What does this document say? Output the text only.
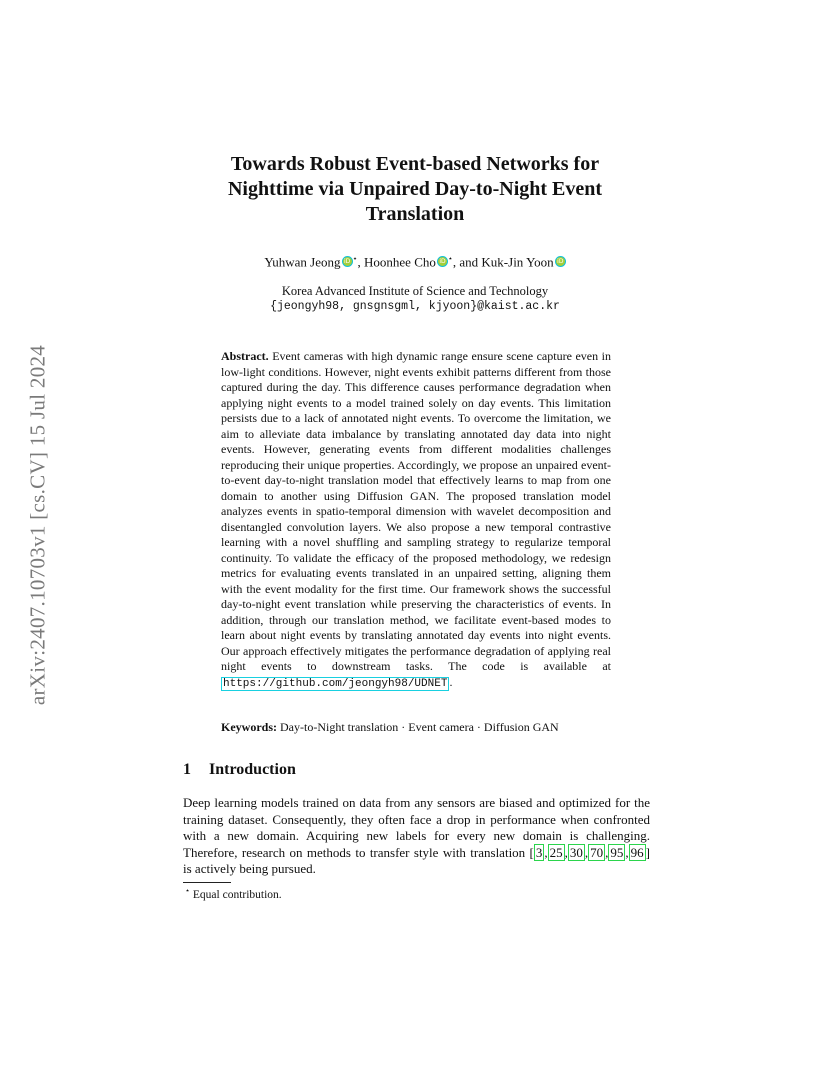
arXiv:2407.10703v1 [cs.CV] 15 Jul 2024
Towards Robust Event-based Networks for
Nighttime via Unpaired Day-to-Night Event
Translation
Yuhwan Jeong iD ⋆, Hoonhee Cho iD ⋆, and Kuk-Jin Yoon iD
Korea Advanced Institute of Science and Technology
{jeongyh98, gnsgnsgml, kjyoon}@kaist.ac.kr
Abstract. Event cameras with high dynamic range ensure scene capture even in low-light conditions. However, night events exhibit patterns different from those captured during the day. This difference causes performance degradation when applying night events to a model trained solely on day events. This limitation persists due to a lack of annotated night events. To overcome the limitation, we aim to alleviate data imbalance by translating annotated day data into night events. However, generating events from different modalities challenges reproducing their unique properties. Accordingly, we propose an unpaired event-to-event day-to-night translation model that effectively learns to map from one domain to another using Diffusion GAN. The proposed translation model analyzes events in spatio-temporal dimension with wavelet decomposition and disentangled convolution layers. We also propose a new temporal contrastive learning with a novel shuffling and sampling strategy to regularize temporal continuity. To validate the efficacy of the proposed methodology, we redesign metrics for evaluating events translated in an unpaired setting, aligning them with the event modality for the first time. Our framework shows the successful day-to-night event translation while preserving the characteristics of events. In addition, through our translation method, we facilitate event-based modes to learn about night events by translating annotated day events into night events. Our approach effectively mitigates the performance degradation of applying real night events to downstream tasks. The code is available at https://github.com/jeongyh98/UDNET .
Keywords: Day-to-Night translation · Event camera · Diffusion GAN
1 Introduction
Deep learning models trained on data from any sensors are biased and optimized for the training dataset. Consequently, they often face a drop in performance when confronted with a new domain. Acquiring new labels for every new domain is challenging. Therefore, research on methods to transfer style with translation [ 3 , 25 , 30 , 70 , 95 , 96 ] is actively being pursued.
⋆ Equal contribution.
